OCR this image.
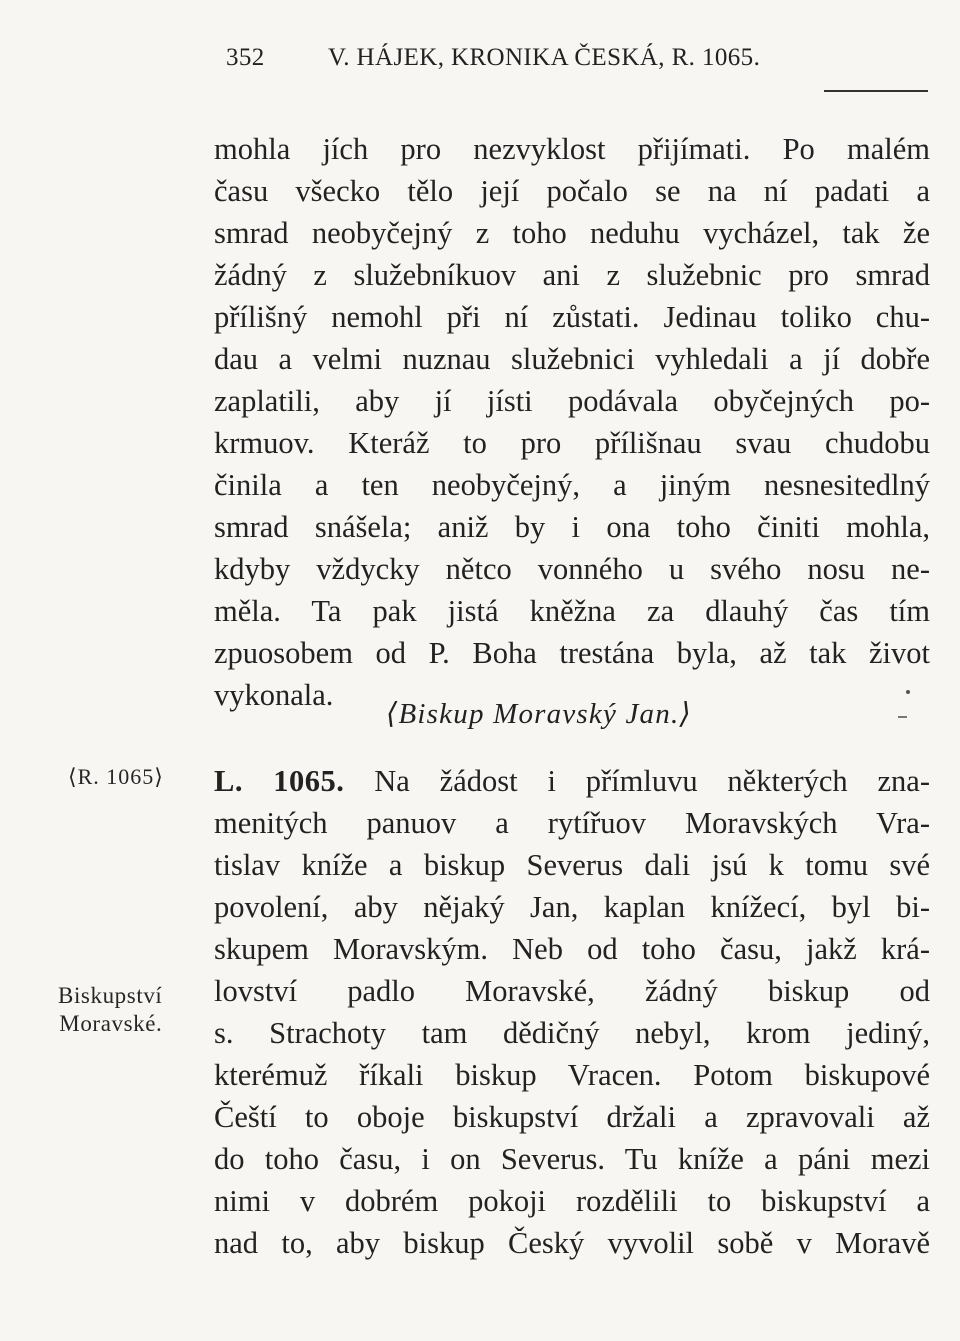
352	V. HÁJEK, KRONIKA ČESKÁ, R. 1065.
mohla jích pro nezvyklost přijímati. Po malém
času všecko tělo její počalo se na ní padati a
smrad neobyčejný z toho neduhu vycházel, tak že
žádný z služebníkuov ani z služebnic pro smrad
přílišný nemohl při ní zůstati. Jedinau toliko chu-
dau a velmi nuznau služebnici vyhledali a jí dobře
zaplatili, aby jí jísti podávala obyčejných po-
krmuov. Kteráž to pro přílišnau svau chudobu
činila a ten neobyčejný, a jiným nesnesitedlný
smrad snášela; aniž by i ona toho činiti mohla,
kdyby vždycky nětco vonného u svého nosu ne-
měla. Ta pak jistá kněžna za dlauhý čas tím
zpuosobem od P. Boha trestána byla, až tak život
vykonala.
⟨Biskup Moravský Jan.⟩
⟨R. 1065⟩ L. 1065. Na žádost i přímluvu některých zna-
menitých panuov a rytířuov Moravských Vra-
tislav kníže a biskup Severus dali jsú k tomu své
povolení, aby nějaký Jan, kaplan knížecí, byl bi-
skupem Moravským. Neb od toho času, jakž krá-
lovství padlo Moravské, žádný biskup od
s. Strachoty tam dědičný nebyl, krom jediný,
kterémuž říkali biskup Vracen. Potom biskupové
Čeští to oboje biskupství držali a zpravovali až
do toho času, i on Severus. Tu kníže a páni mezi
nimi v dobrém pokoji rozdělili to biskupství a
nad to, aby biskup Český vyvolil sobě v Moravě
Biskupství
Moravské.
